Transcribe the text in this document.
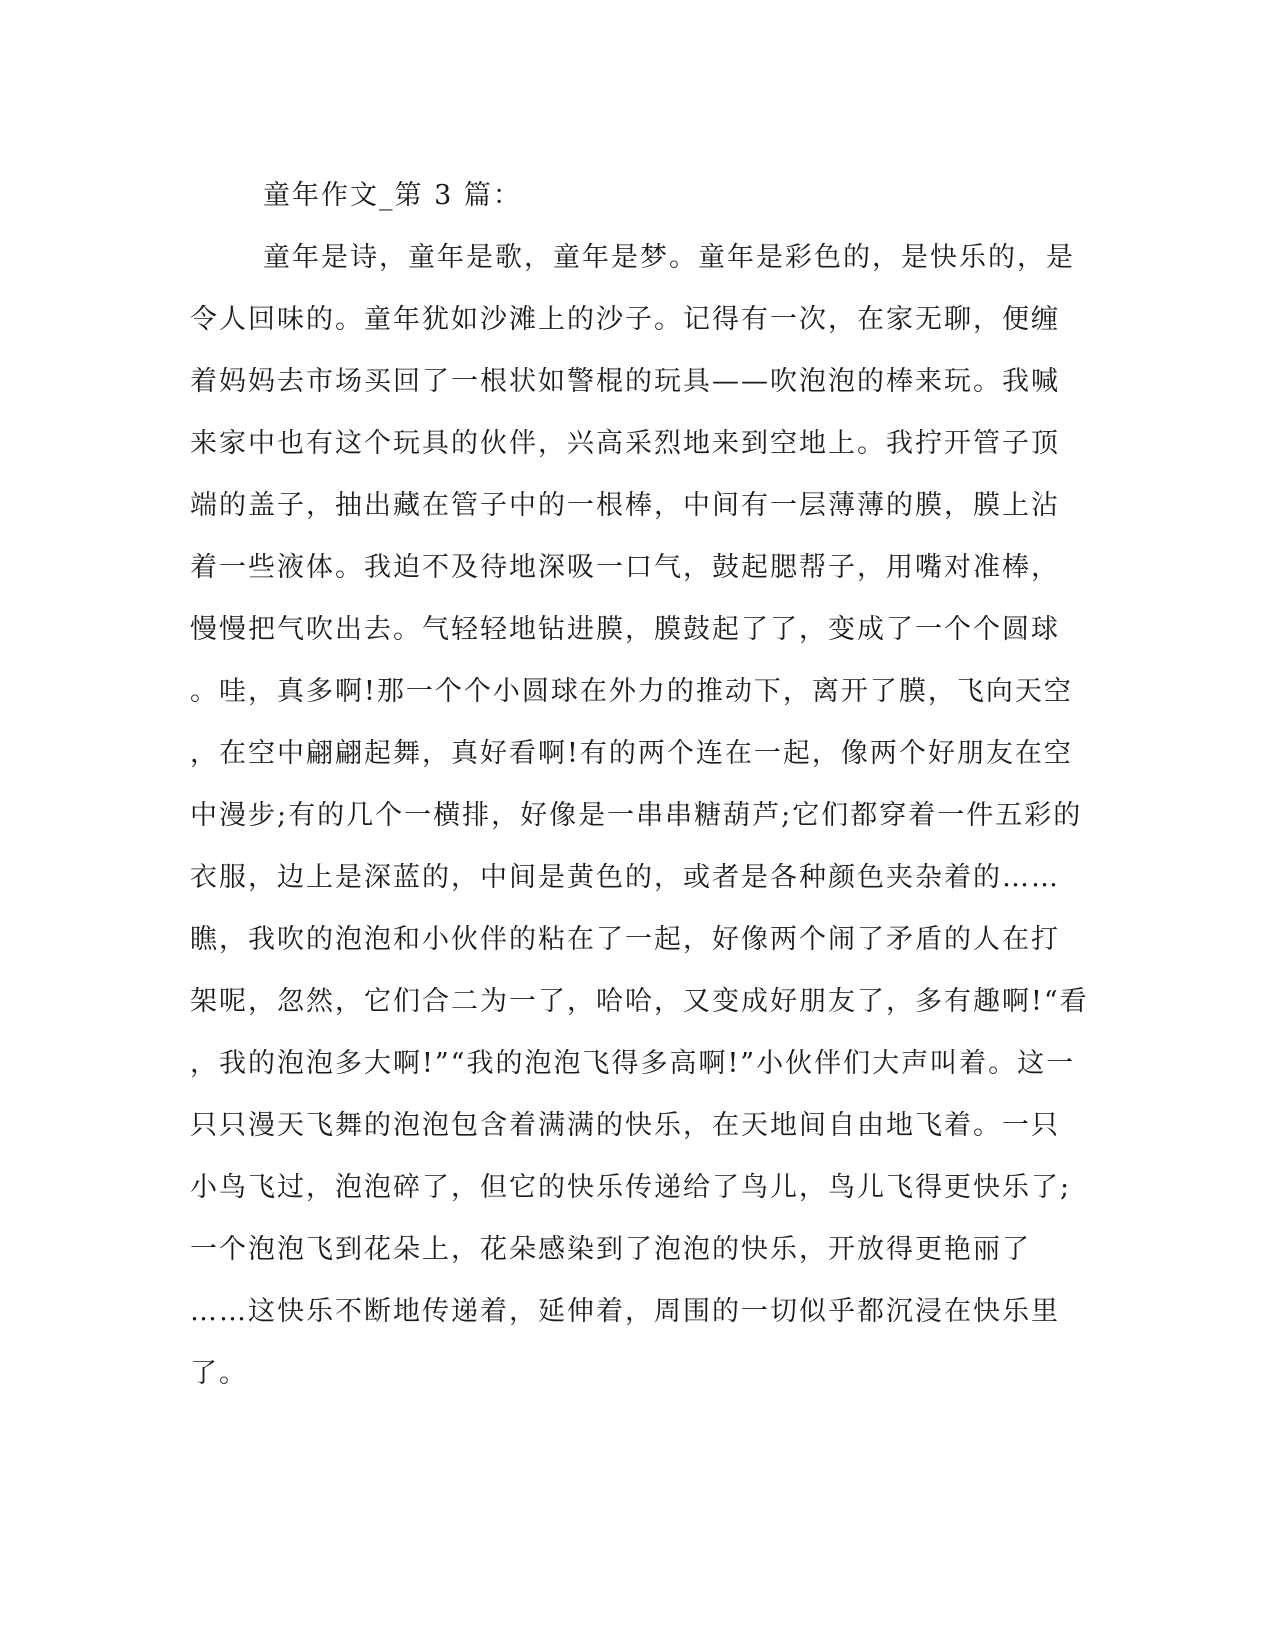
童年作文_第 3 篇：
童年是诗，童年是歌，童年是梦。童年是彩色的，是快乐的，是
令人回味的。童年犹如沙滩上的沙子。记得有一次，在家无聊，便缠
着妈妈去市场买回了一根状如警棍的玩具——吹泡泡的棒来玩。我喊
来家中也有这个玩具的伙伴，兴高采烈地来到空地上。我拧开管子顶
端的盖子，抽出藏在管子中的一根棒，中间有一层薄薄的膜，膜上沾
着一些液体。我迫不及待地深吸一口气，鼓起腮帮子，用嘴对准棒，
慢慢把气吹出去。气轻轻地钻进膜，膜鼓起了了，变成了一个个圆球
。哇，真多啊!那一个个小圆球在外力的推动下，离开了膜，飞向天空
，在空中翩翩起舞，真好看啊!有的两个连在一起，像两个好朋友在空
中漫步;有的几个一横排，好像是一串串糖葫芦;它们都穿着一件五彩的
衣服，边上是深蓝的，中间是黄色的，或者是各种颜色夹杂着的……
瞧，我吹的泡泡和小伙伴的粘在了一起，好像两个闹了矛盾的人在打
架呢，忽然，它们合二为一了，哈哈，又变成好朋友了，多有趣啊!“看
，我的泡泡多大啊!”“我的泡泡飞得多高啊!”小伙伴们大声叫着。这一
只只漫天飞舞的泡泡包含着满满的快乐，在天地间自由地飞着。一只
小鸟飞过，泡泡碎了，但它的快乐传递给了鸟儿，鸟儿飞得更快乐了;
一个泡泡飞到花朵上，花朵感染到了泡泡的快乐，开放得更艳丽了
……这快乐不断地传递着，延伸着，周围的一切似乎都沉浸在快乐里
了。
